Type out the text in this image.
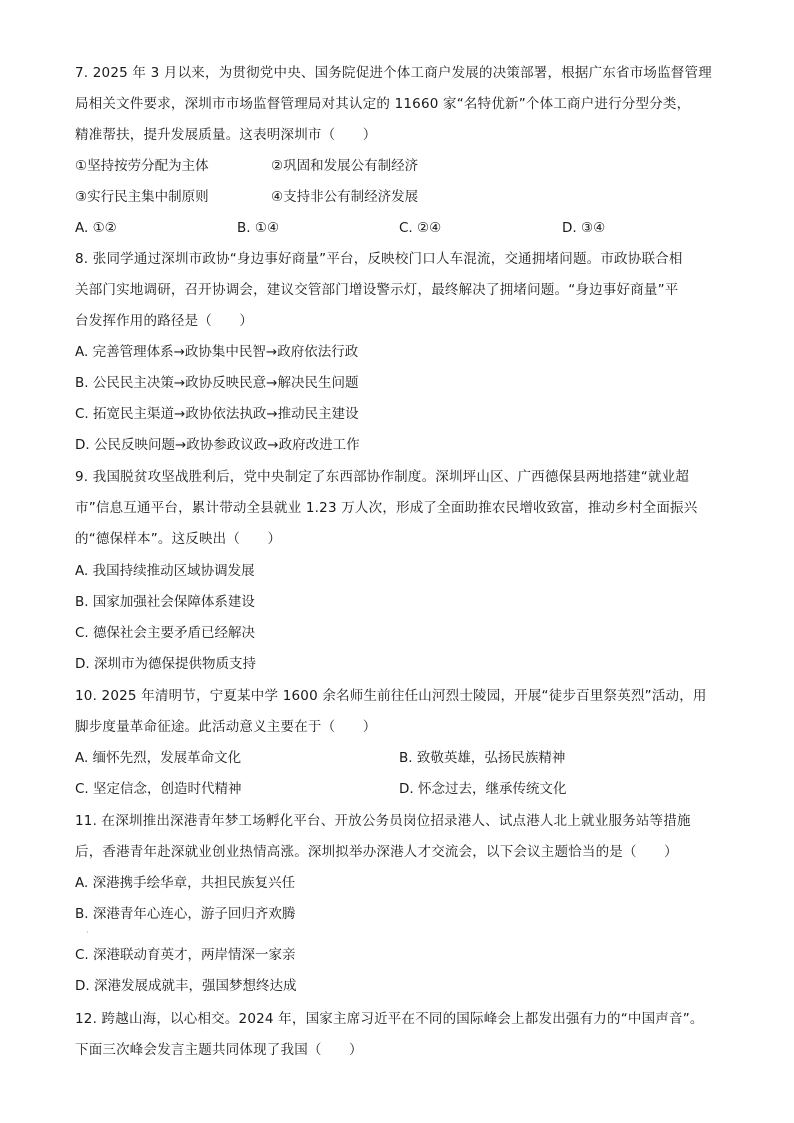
7. 2025 年 3 月以来，为贯彻党中央、国务院促进个体工商户发展的决策部署，根据广东省市场监督管理
局相关文件要求，深圳市市场监督管理局对其认定的 11660 家“名特优新”个体工商户进行分型分类，
精准帮扶，提升发展质量。这表明深圳市（　　）
①坚持按劳分配为主体	②巩固和发展公有制经济
③实行民主集中制原则	④支持非公有制经济发展
A. ①②	B. ①④	C. ②④	D. ③④
8. 张同学通过深圳市政协“身边事好商量”平台，反映校门口人车混流，交通拥堵问题。市政协联合相
关部门实地调研，召开协调会，建议交管部门增设警示灯，最终解决了拥堵问题。“身边事好商量”平
台发挥作用的路径是（　　）
A. 完善管理体系→政协集中民智→政府依法行政
B. 公民民主决策→政协反映民意→解决民生问题
C. 拓宽民主渠道→政协依法执政→推动民主建设
D. 公民反映问题→政协参政议政→政府改进工作
9. 我国脱贫攻坚战胜利后，党中央制定了东西部协作制度。深圳坪山区、广西德保县两地搭建“就业超
市”信息互通平台，累计带动全县就业 1.23 万人次，形成了全面助推农民增收致富，推动乡村全面振兴
的“德保样本”。这反映出（　　）
A. 我国持续推动区域协调发展
B. 国家加强社会保障体系建设
C. 德保社会主要矛盾已经解决
D. 深圳市为德保提供物质支持
10. 2025 年清明节，宁夏某中学 1600 余名师生前往任山河烈士陵园，开展“徒步百里祭英烈”活动，用
脚步度量革命征途。此活动意义主要在于（　　）
A. 缅怀先烈，发展革命文化	B. 致敬英雄，弘扬民族精神
C. 坚定信念，创造时代精神	D. 怀念过去，继承传统文化
11. 在深圳推出深港青年梦工场孵化平台、开放公务员岗位招录港人、试点港人北上就业服务站等措施
后，香港青年赴深就业创业热情高涨。深圳拟举办深港人才交流会，以下会议主题恰当的是（　　）
A. 深港携手绘华章，共担民族复兴任
B. 深港青年心连心，游子回归齐欢腾
·
C. 深港联动育英才，两岸情深一家亲
D. 深港发展成就丰，强国梦想终达成
12. 跨越山海，以心相交。2024 年，国家主席习近平在不同的国际峰会上都发出强有力的“中国声音”。
下面三次峰会发言主题共同体现了我国（　　）
